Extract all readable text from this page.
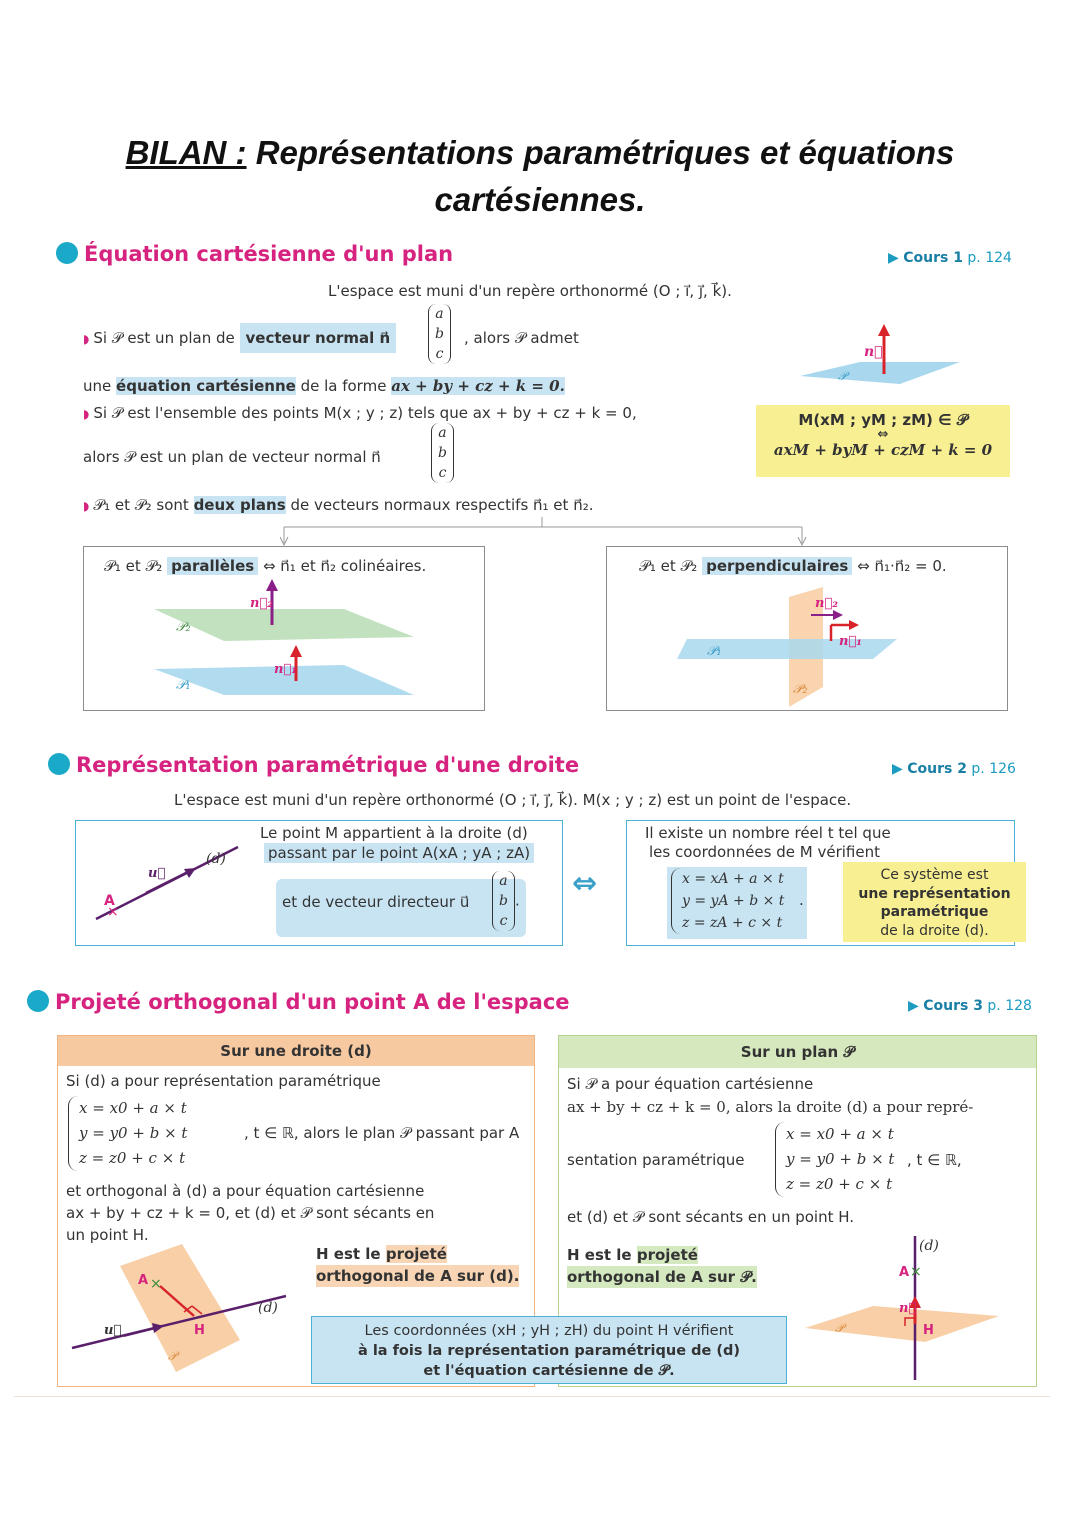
BILAN : Représentations paramétriques et équations
cartésiennes.
Équation cartésienne d'un plan	▶ Cours 1 p. 124
L'espace est muni d'un repère orthonormé (O ; i⃗, j⃗, k⃗).
◗ Si 𝒫 est un plan de vecteur normal n⃗
a
b
c
, alors 𝒫 admet
une équation cartésienne de la forme ax + by + cz + k = 0.
◗ Si 𝒫 est l'ensemble des points M(x ; y ; z) tels que ax + by + cz + k = 0,
alors 𝒫 est un plan de vecteur normal n⃗
a
b
c
◗ 𝒫₁ et 𝒫₂ sont deux plans de vecteurs normaux respectifs n⃗₁ et n⃗₂.
n⃗
𝒫
M(xM ; yM ; zM) ∈ 𝒫
⇔
axM + byM + czM + k = 0
𝒫₁ et 𝒫₂ parallèles ⇔ n⃗₁ et n⃗₂ colinéaires.
n⃗₂
n⃗₁
𝒫₂
𝒫₁
𝒫₁ et 𝒫₂ perpendiculaires ⇔ n⃗₁·n⃗₂ = 0.
n⃗₂
n⃗₁
𝒫₁
𝒫₂
Représentation paramétrique d'une droite	▶ Cours 2 p. 126
L'espace est muni d'un repère orthonormé (O ; i⃗, j⃗, k⃗). M(x ; y ; z) est un point de l'espace.
A
×
u⃗
(d)
Le point M appartient à la droite (d)
passant par le point A(xA ; yA ; zA)
et de vecteur directeur u⃗
a
b
c
. ⇔
Il existe un nombre réel t tel que
les coordonnées de M vérifient
x = xA + a × t
y = yA + b × t
z = zA + c × t
.
Ce système est
une représentation
paramétrique
de la droite (d).
Projeté orthogonal d'un point A de l'espace	▶ Cours 3 p. 128
Sur une droite (d)
Si (d) a pour représentation paramétrique
x = x0 + a × t
y = y0 + b × t
z = z0 + c × t
, t ∈ ℝ, alors le plan 𝒫 passant par A
et orthogonal à (d) a pour équation cartésienne
ax + by + cz + k = 0, et (d) et 𝒫 sont sécants en
un point H.
H est le projeté
orthogonal de A sur (d).
A ×
H
(d)
u⃗
𝒫
Sur un plan 𝒫
Si 𝒫 a pour équation cartésienne
ax + by + cz + k = 0, alors la droite (d) a pour repré-
sentation paramétrique
x = x0 + a × t
y = y0 + b × t
z = z0 + c × t
, t ∈ ℝ,
et (d) et 𝒫 sont sécants en un point H.
H est le projeté
orthogonal de A sur 𝒫.	A ×
H
(d)
n⃗
𝒫
Les coordonnées (xH ; yH ; zH) du point H vérifient
à la fois la représentation paramétrique de (d)
et l'équation cartésienne de 𝒫.
